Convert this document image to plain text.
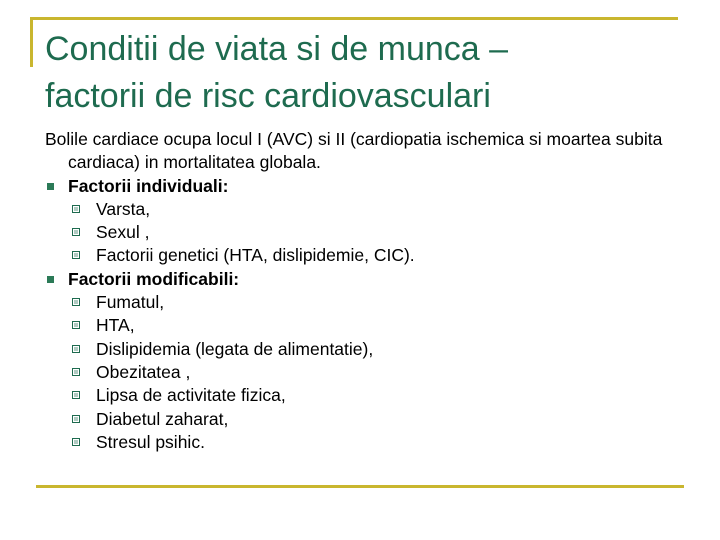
Conditii de viata si de munca –
factorii de risc cardiovasculari

Bolile cardiace ocupa locul I (AVC) si II (cardiopatia ischemica si moartea subita cardiaca) in mortalitatea globala.

Factorii individuali:
Varsta,
Sexul ,
Factorii genetici (HTA, dislipidemie, CIC).
Factorii modificabili:
Fumatul,
HTA,
Dislipidemia (legata de alimentatie),
Obezitatea ,
Lipsa de activitate fizica,
Diabetul zaharat,
Stresul psihic.
